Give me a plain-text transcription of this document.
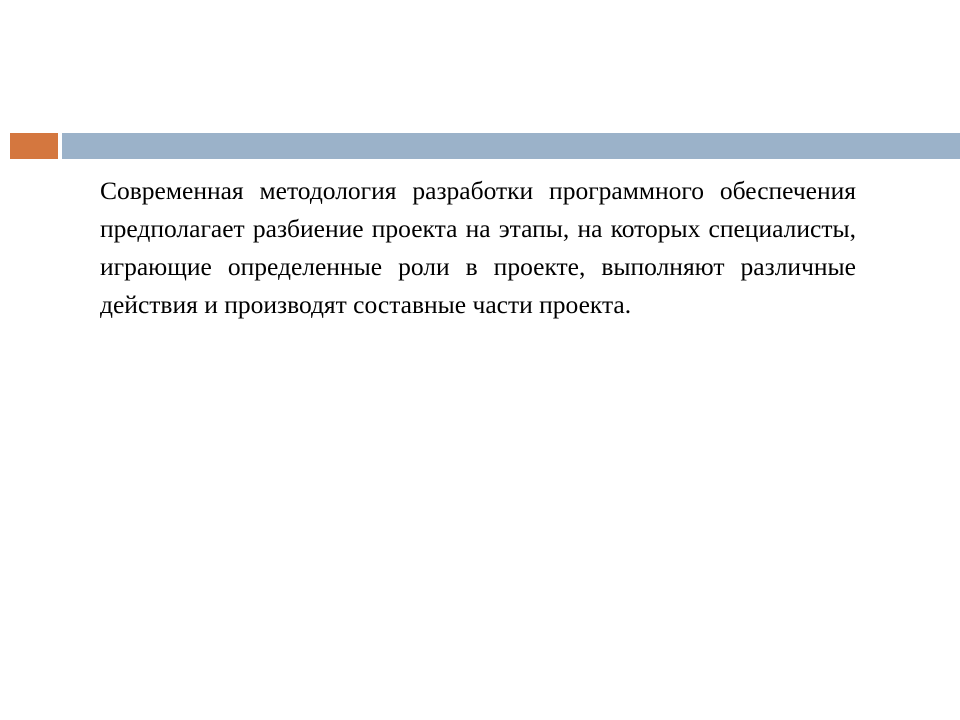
Современная методология разработки программного обеспечения предполагает разбиение проекта на этапы, на которых специалисты, играющие определенные роли в проекте, выполняют различные действия и производят составные части проекта.
